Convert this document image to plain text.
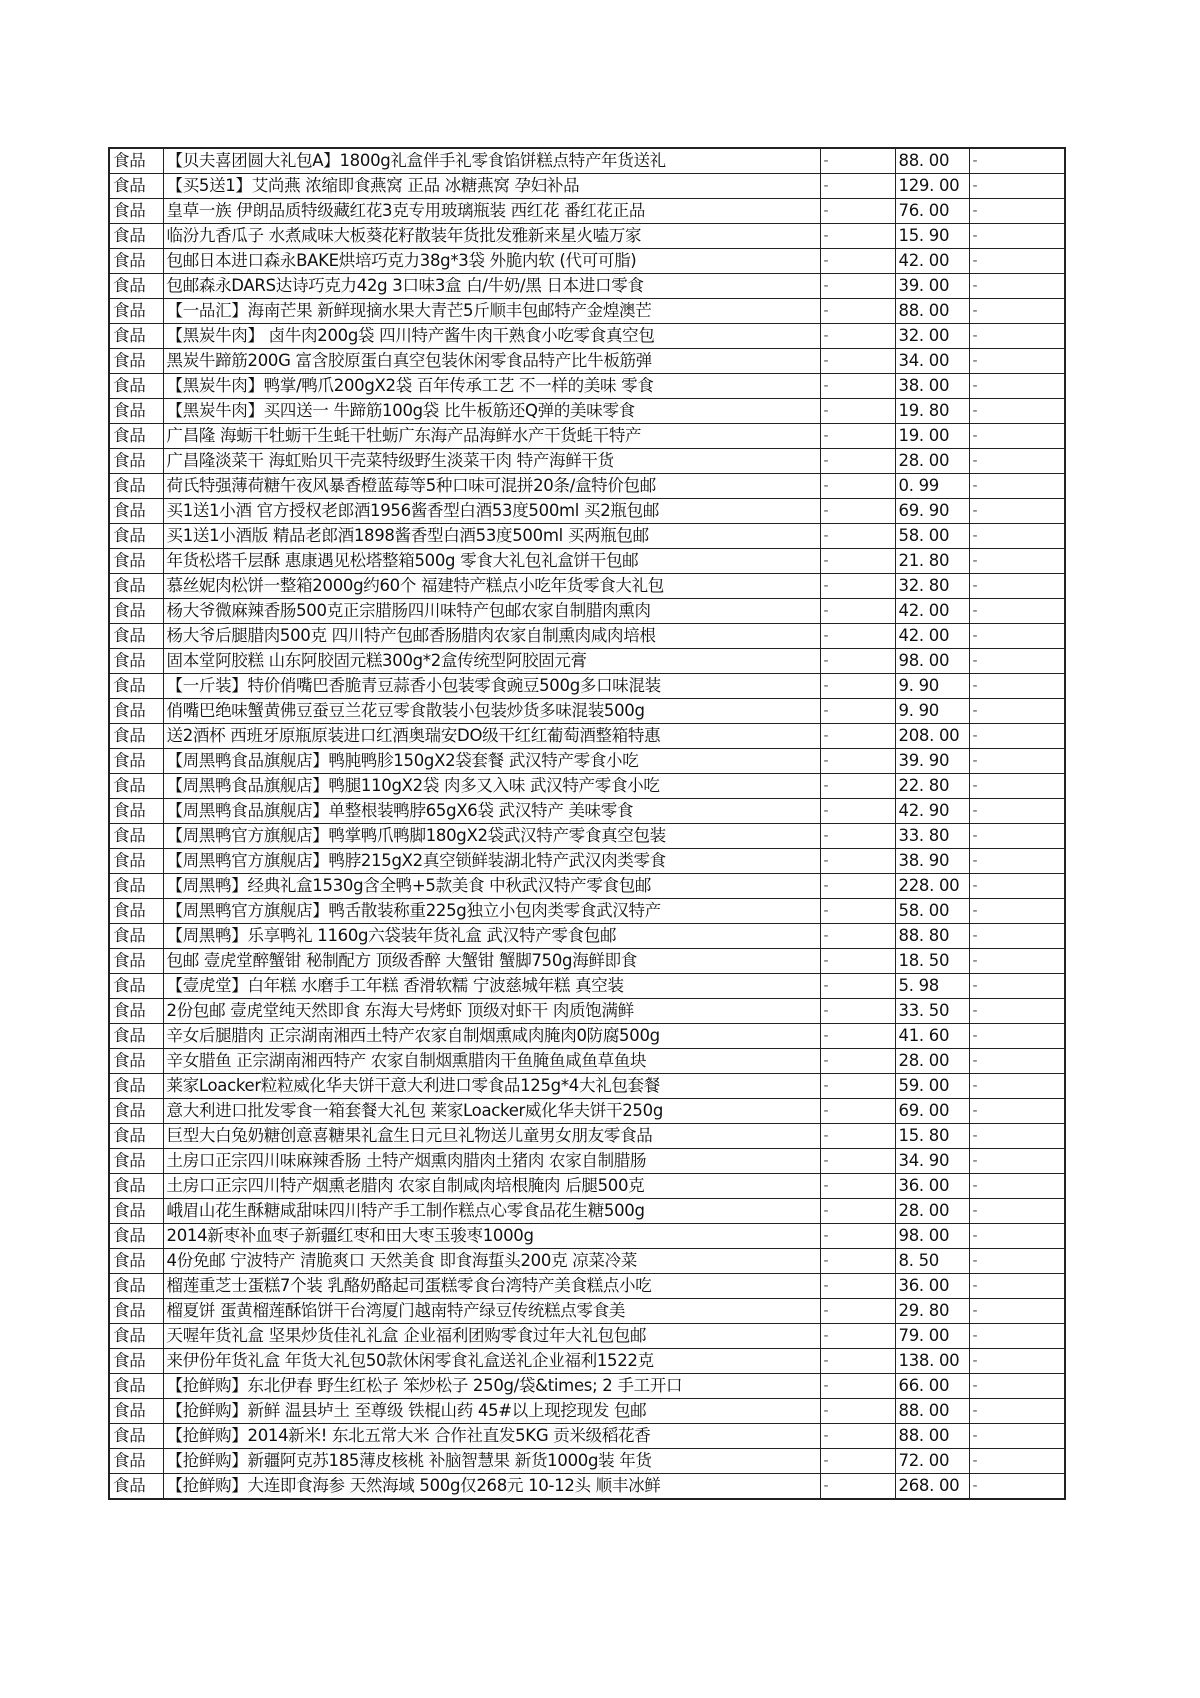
食品	【贝夫喜团圆大礼包A】1800g礼盒伴手礼零食馅饼糕点特产年货送礼	-	88. 00	-
食品	【买5送1】艾尚燕 浓缩即食燕窝 正品 冰糖燕窝 孕妇补品	-	129. 00	-
食品	皇草一族 伊朗品质特级藏红花3克专用玻璃瓶装 西红花 番红花正品	-	76. 00	-
食品	临汾九香瓜子 水煮咸味大板葵花籽散装年货批发雅新来星火嗑万家	-	15. 90	-
食品	包邮日本进口森永BAKE烘培巧克力38g*3袋 外脆内软 (代可可脂)	-	42. 00	-
食品	包邮森永DARS达诗巧克力42g 3口味3盒 白/牛奶/黑 日本进口零食	-	39. 00	-
食品	【一品汇】海南芒果 新鲜现摘水果大青芒5斤顺丰包邮特产金煌澳芒	-	88. 00	-
食品	【黑炭牛肉】 卤牛肉200g袋 四川特产酱牛肉干熟食小吃零食真空包	-	32. 00	-
食品	黑炭牛蹄筋200G 富含胶原蛋白真空包装休闲零食品特产比牛板筋弹	-	34. 00	-
食品	【黑炭牛肉】鸭掌/鸭爪200gX2袋 百年传承工艺 不一样的美味 零食	-	38. 00	-
食品	【黑炭牛肉】买四送一 牛蹄筋100g袋 比牛板筋还Q弹的美味零食	-	19. 80	-
食品	广昌隆 海蛎干牡蛎干生蚝干牡蛎广东海产品海鲜水产干货蚝干特产	-	19. 00	-
食品	广昌隆淡菜干 海虹贻贝干壳菜特级野生淡菜干肉 特产海鲜干货	-	28. 00	-
食品	荷氏特强薄荷糖午夜风暴香橙蓝莓等5种口味可混拼20条/盒特价包邮	-	0. 99	-
食品	买1送1小酒 官方授权老郎酒1956酱香型白酒53度500ml 买2瓶包邮	-	69. 90	-
食品	买1送1小酒版 精品老郎酒1898酱香型白酒53度500ml 买两瓶包邮	-	58. 00	-
食品	年货松塔千层酥 惠康遇见松塔整箱500g 零食大礼包礼盒饼干包邮	-	21. 80	-
食品	慕丝妮肉松饼一整箱2000g约60个 福建特产糕点小吃年货零食大礼包	-	32. 80	-
食品	杨大爷微麻辣香肠500克正宗腊肠四川味特产包邮农家自制腊肉熏肉	-	42. 00	-
食品	杨大爷后腿腊肉500克 四川特产包邮香肠腊肉农家自制熏肉咸肉培根	-	42. 00	-
食品	固本堂阿胶糕 山东阿胶固元糕300g*2盒传统型阿胶固元膏	-	98. 00	-
食品	【一斤装】特价俏嘴巴香脆青豆蒜香小包装零食豌豆500g多口味混装	-	9. 90	-
食品	俏嘴巴绝味蟹黄佛豆蚕豆兰花豆零食散装小包装炒货多味混装500g	-	9. 90	-
食品	送2酒杯 西班牙原瓶原装进口红酒奥瑞安DO级干红红葡萄酒整箱特惠	-	208. 00	-
食品	【周黑鸭食品旗舰店】鸭肫鸭胗150gX2袋套餐 武汉特产零食小吃	-	39. 90	-
食品	【周黑鸭食品旗舰店】鸭腿110gX2袋 肉多又入味 武汉特产零食小吃	-	22. 80	-
食品	【周黑鸭食品旗舰店】单整根装鸭脖65gX6袋 武汉特产 美味零食	-	42. 90	-
食品	【周黑鸭官方旗舰店】鸭掌鸭爪鸭脚180gX2袋武汉特产零食真空包装	-	33. 80	-
食品	【周黑鸭官方旗舰店】鸭脖215gX2真空锁鲜装湖北特产武汉肉类零食	-	38. 90	-
食品	【周黑鸭】经典礼盒1530g含全鸭+5款美食 中秋武汉特产零食包邮	-	228. 00	-
食品	【周黑鸭官方旗舰店】鸭舌散装称重225g独立小包肉类零食武汉特产	-	58. 00	-
食品	【周黑鸭】乐享鸭礼 1160g六袋装年货礼盒 武汉特产零食包邮	-	88. 80	-
食品	包邮 壹虎堂醉蟹钳 秘制配方 顶级香醉 大蟹钳 蟹脚750g海鲜即食	-	18. 50	-
食品	【壹虎堂】白年糕 水磨手工年糕 香滑软糯 宁波慈城年糕 真空装	-	5. 98	-
食品	2份包邮 壹虎堂纯天然即食 东海大号烤虾 顶级对虾干 肉质饱满鲜	-	33. 50	-
食品	辛女后腿腊肉 正宗湖南湘西土特产农家自制烟熏咸肉腌肉0防腐500g	-	41. 60	-
食品	辛女腊鱼 正宗湖南湘西特产 农家自制烟熏腊肉干鱼腌鱼咸鱼草鱼块	-	28. 00	-
食品	莱家Loacker粒粒威化华夫饼干意大利进口零食品125g*4大礼包套餐	-	59. 00	-
食品	意大利进口批发零食一箱套餐大礼包 莱家Loacker威化华夫饼干250g	-	69. 00	-
食品	巨型大白兔奶糖创意喜糖果礼盒生日元旦礼物送儿童男女朋友零食品	-	15. 80	-
食品	土房口正宗四川味麻辣香肠 土特产烟熏肉腊肉土猪肉 农家自制腊肠	-	34. 90	-
食品	土房口正宗四川特产烟熏老腊肉 农家自制咸肉培根腌肉 后腿500克	-	36. 00	-
食品	峨眉山花生酥糖咸甜味四川特产手工制作糕点心零食品花生糖500g	-	28. 00	-
食品	2014新枣补血枣子新疆红枣和田大枣玉骏枣1000g	-	98. 00	-
食品	4份免邮 宁波特产 清脆爽口 天然美食 即食海蜇头200克 凉菜冷菜	-	8. 50	-
食品	榴莲重芝士蛋糕7个装 乳酪奶酪起司蛋糕零食台湾特产美食糕点小吃	-	36. 00	-
食品	榴夏饼 蛋黄榴莲酥馅饼干台湾厦门越南特产绿豆传统糕点零食美	-	29. 80	-
食品	天喔年货礼盒 坚果炒货佳礼礼盒 企业福利团购零食过年大礼包包邮	-	79. 00	-
食品	来伊份年货礼盒 年货大礼包50款休闲零食礼盒送礼企业福利1522克	-	138. 00	-
食品	【抢鲜购】东北伊春 野生红松子 笨炒松子 250g/袋&times; 2 手工开口	-	66. 00	-
食品	【抢鲜购】新鲜 温县垆土 至尊级 铁棍山药 45#以上现挖现发 包邮	-	88. 00	-
食品	【抢鲜购】2014新米! 东北五常大米 合作社直发5KG 贡米级稻花香	-	88. 00	-
食品	【抢鲜购】新疆阿克苏185薄皮核桃 补脑智慧果 新货1000g装 年货	-	72. 00	-
食品	【抢鲜购】大连即食海参 天然海域 500g仅268元 10-12头 顺丰冰鲜	-	268. 00	-
